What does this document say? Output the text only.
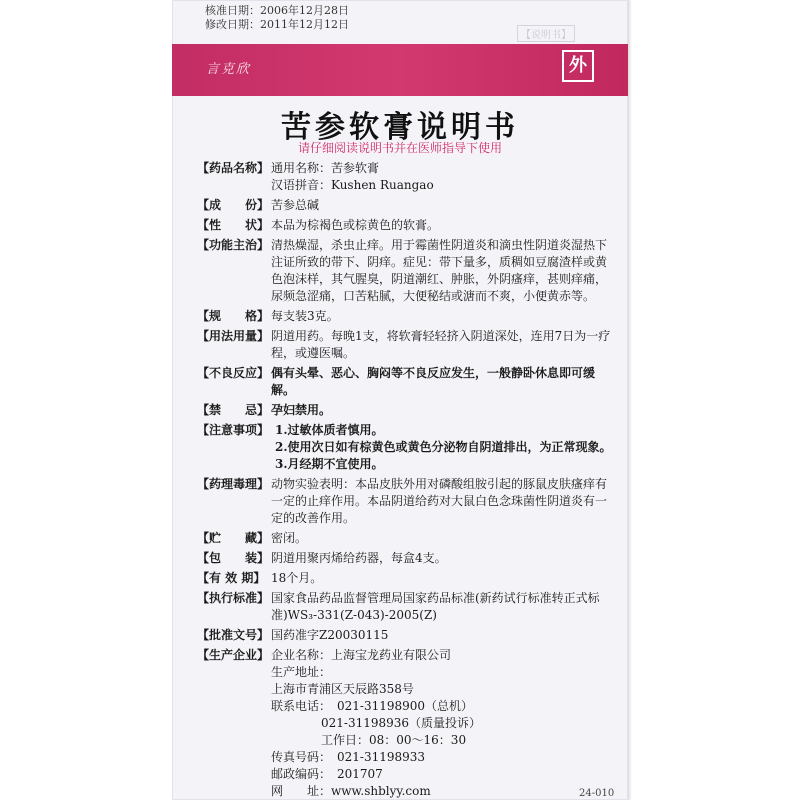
核准日期：2006年12月28日
修改日期：2011年12月12日
【说明书】
言克欣	外
苦参软膏说明书
请仔细阅读说明书并在医师指导下使用
【药品名称】 通用名称：苦参软膏
汉语拼音：Kushen Ruangao
【成　　份】 苦参总碱
【性　　状】 本品为棕褐色或棕黄色的软膏。
【功能主治】 清热燥湿，杀虫止痒。用于霉菌性阴道炎和滴虫性阴道炎湿热下注证所致的带下、阴痒。症见：带下量多，质稠如豆腐渣样或黄色泡沫样，其气腥臭，阴道潮红、肿胀，外阴瘙痒，甚则痒痛，尿频急涩痛，口苦粘腻，大便秘结或溏而不爽，小便黄赤等。
【规　　格】 每支装3克。
【用法用量】 阴道用药。每晚1支，将软膏轻轻挤入阴道深处，连用7日为一疗程，或遵医嘱。
【不良反应】 偶有头晕、恶心、胸闷等不良反应发生，一般静卧休息即可缓解。
【禁　　忌】 孕妇禁用。
【注意事项】 1.过敏体质者慎用。
2.使用次日如有棕黄色或黄色分泌物自阴道排出，为正常现象。
3.月经期不宜使用。
【药理毒理】 动物实验表明：本品皮肤外用对磷酸组胺引起的豚鼠皮肤瘙痒有一定的止痒作用。本品阴道给药对大鼠白色念珠菌性阴道炎有一定的改善作用。
【贮　　藏】 密闭。
【包　　装】 阴道用聚丙烯给药器，每盒4支。
【有 效 期】 18个月。
【执行标准】 国家食品药品监督管理局国家药品标准(新药试行标准转正式标准)WS₃-331(Z-043)-2005(Z)
【批准文号】 国药准字Z20030115
【生产企业】 企业名称：上海宝龙药业有限公司
生产地址：
上海市青浦区天辰路358号
联系电话：　021-31198900（总机）
021-31198936（质量投诉）
工作日：08：00～16：30
传真号码：　021-31198933
邮政编码：　201707
网　　址：www.shblyy.com	24-010
